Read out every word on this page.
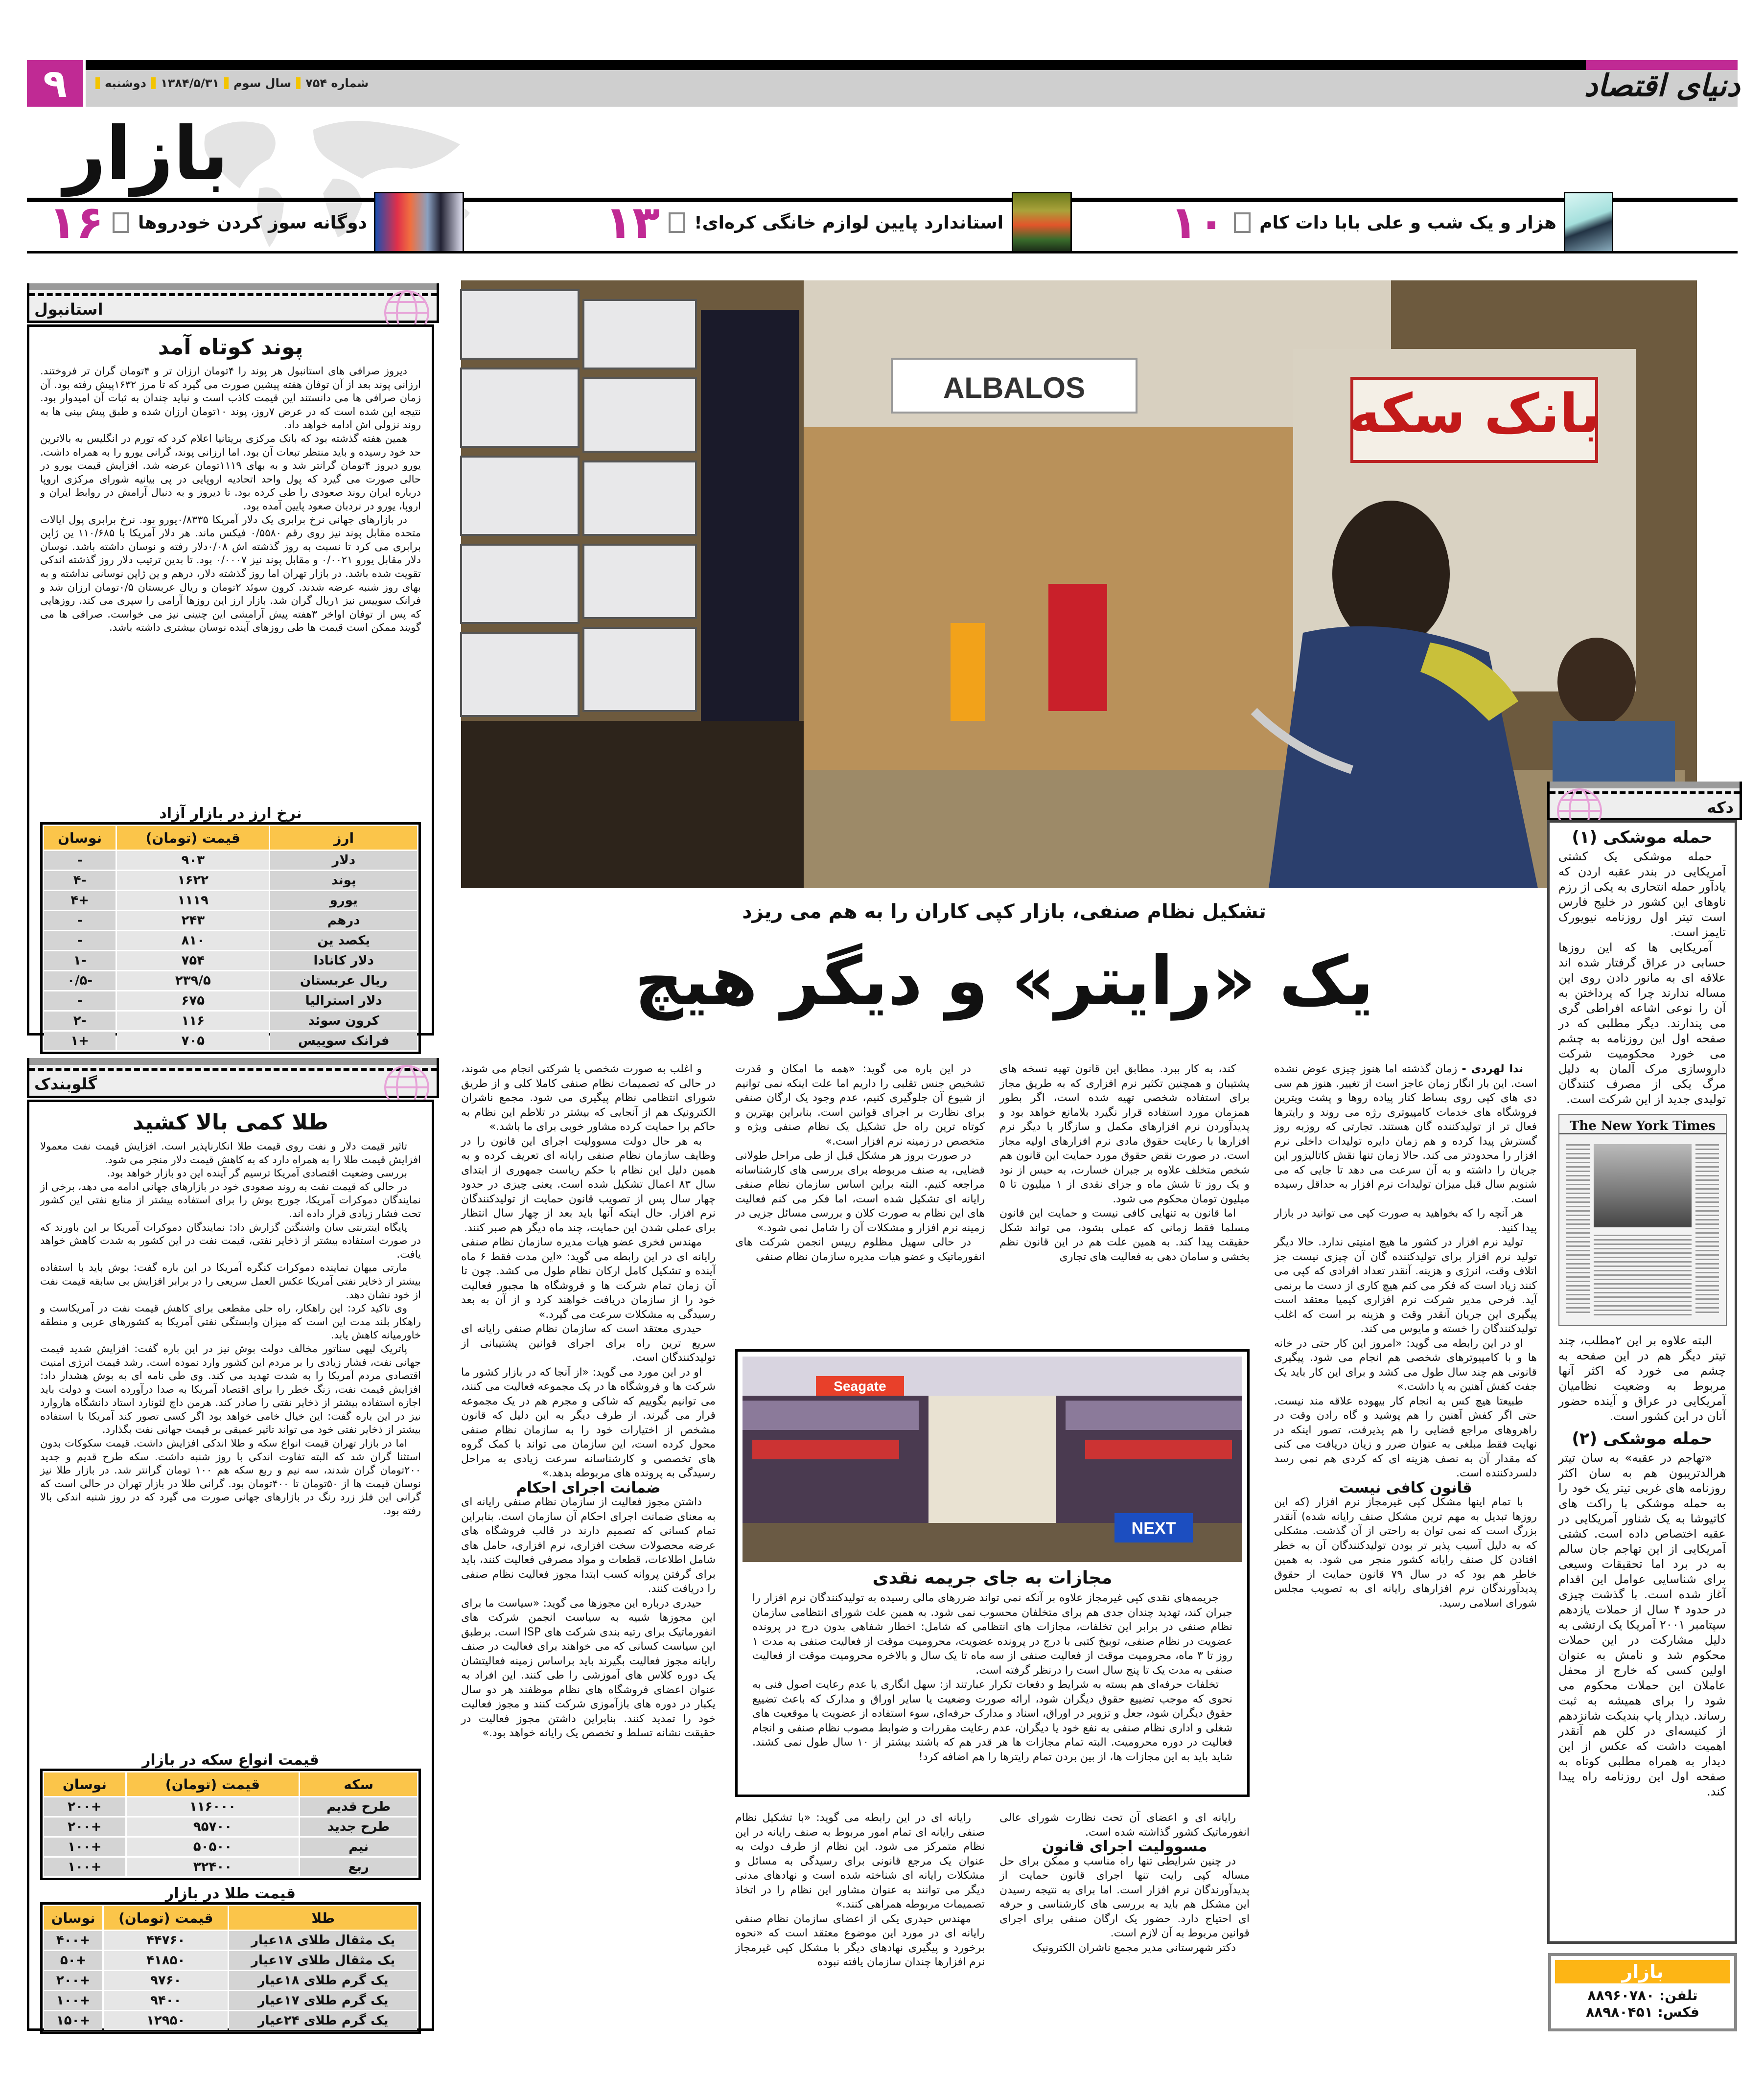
۹	دوشنبه ۱۳۸۴/۵/۳۱ سال سوم شماره ۷۵۴	دنیای اقتصاد
بازار
هزار و یک شب و علی بابا دات کام
۱۰
استاندارد پایین لوازم خانگی کره‌ای!
۱۳
دوگانه سوز کردن خودروها
۱۶
استانبول
پوند کوتاه آمد

دیروز صرافی های استانبول هر پوند را ۴تومان ارزان تر و ۴تومان گران تر فروختند. ارزانی پوند بعد از آن توفان هفته پیشین صورت می گیرد که تا مرز ۱۶۳۲پیش رفته بود. آن زمان صرافی ها می دانستند این قیمت کاذب است و نباید چندان به ثبات آن امیدوار بود. نتیجه این شده است که در عرض ۷روز، پوند ۱۰تومان ارزان شده و طبق پیش بینی ها به روند نزولی اش ادامه خواهد داد.

همین هفته گذشته بود که بانک مرکزی بریتانیا اعلام کرد که تورم در انگلیس به بالاترین حد خود رسیده و باید منتظر تبعات آن بود. اما ارزانی پوند، گرانی یورو را به همراه داشت. یورو دیروز ۴تومان گرانتر شد و به بهای ۱۱۱۹تومان عرضه شد. افزایش قیمت یورو در حالی صورت می گیرد که پول واحد اتحادیه اروپایی در پی بیانیه شورای مرکزی اروپا درباره ایران روند صعودی را طی کرده بود. تا دیروز و به دنبال آرامش در روابط ایران و اروپا، یورو در نردبان صعود پایین آمده بود.

در بازارهای جهانی نرخ برابری یک دلار آمریکا ۰/۸۳۳۵یورو بود. نرخ برابری پول ایالات متحده مقابل پوند نیز روی رقم ۰/۵۵۸۰ فیکس ماند. هر دلار آمریکا با ۱۱۰/۶۸۵ ین ژاپن برابری می کرد تا نسبت به روز گذشته اش ۰/۰۸دلار رفته و نوسان داشته باشد. نوسان دلار مقابل یورو ۰/۰۰۲۱ و مقابل پوند نیز ۰/۰۰۰۷ بود. تا بدین ترتیب دلار روز گذشته اندکی تقویت شده باشد. در بازار تهران اما روز گذشته دلار، درهم و ین ژاپن نوسانی نداشته و به بهای روز شنبه عرضه شدند. کرون سوئد ۲تومان و ریال عربستان ۰/۵تومان ارزان شد و فرانک سوییس نیز ۱ریال گران شد. بازار ارز این روزها آرامی را سپری می کند. روزهایی که پس از توفان اواخر ۳هفته پیش آرامشی این چنینی نیز می خواست. صرافی ها می گویند ممکن است قیمت ها طی روزهای آینده نوسان بیشتری داشته باشد.

نرخ ارز در بازار آزاد
ارز	قیمت (تومان)	نوسان
دلار	۹۰۳	-
پوند	۱۶۲۲	-۴
یورو	۱۱۱۹	+۴
درهم	۲۴۳	-
یکصد ین	۸۱۰	-
دلار کانادا	۷۵۴	-۱
ریال عربستان	۲۳۹/۵	-۰/۵
دلار استرالیا	۶۷۵	-
کرون سوئد	۱۱۶	-۲
فرانک سوییس	۷۰۵	+۱
گلوبندک
طلا کمی بالا کشید

تاثیر قیمت دلار و نفت روی قیمت طلا انکارناپذیر است. افزایش قیمت نفت معمولا افزایش قیمت طلا را به همراه دارد که به کاهش قیمت دلار منجر می شود.

بررسی وضعیت اقتصادی آمریکا ترسیم گر آینده این دو بازار خواهد بود.

در حالی که قیمت نفت به روند صعودی خود در بازارهای جهانی ادامه می دهد، برخی از نمایندگان دموکرات آمریکا، جورج بوش را برای استفاده بیشتر از منابع نفتی این کشور تحت فشار زیادی قرار داده اند.

پایگاه اینترنتی سان واشنگتن گزارش داد: نمایندگان دموکرات آمریکا بر این باورند که در صورت استفاده بیشتر از ذخایر نفتی، قیمت نفت در این کشور به شدت کاهش خواهد یافت.

مارتی میهان نماینده دموکرات کنگره آمریکا در این باره گفت: بوش باید با استفاده بیشتر از ذخایر نفتی آمریکا عکس العمل سریعی را در برابر افزایش بی سابقه قیمت نفت از خود نشان دهد.

وی تاکید کرد: این راهکار، راه حلی مقطعی برای کاهش قیمت نفت در آمریکاست و راهکار بلند مدت این است که میزان وابستگی نفتی آمریکا به کشورهای عربی و منطقه خاورمیانه کاهش یابد.

پاتریک لیهی سناتور مخالف دولت بوش نیز در این باره گفت: افزایش شدید قیمت جهانی نفت، فشار زیادی را بر مردم این کشور وارد نموده است. رشد قیمت انرژی امنیت اقتصادی مردم آمریکا را به شدت تهدید می کند. وی طی نامه ای به بوش هشدار داد: افزایش قیمت نفت، زنگ خطر را برای اقتصاد آمریکا به صدا درآورده است و دولت باید اجازه استفاده بیشتر از ذخایر نفتی را صادر کند. هرمن داچ لئونارد استاد دانشگاه هاروارد نیز در این باره گفت: این خیال خامی خواهد بود اگر کسی تصور کند آمریکا با استفاده بیشتر از ذخایر نفتی خود می تواند تاثیر عمیقی بر قیمت جهانی نفت بگذارد.

اما در بازار تهران قیمت انواع سکه و طلا اندکی افزایش داشت. قیمت سکوکات بدون استثنا گران شد که البته تفاوت اندکی با روز شنبه داشت. سکه طرح قدیم و جدید ۲۰۰تومان گران شدند، سه نیم و ربع سکه هم ۱۰۰ تومان گرانتر شد. در بازار طلا نیز نوسان قیمت ها از ۵۰تومان تا ۴۰۰تومان بود. گرانی طلا در بازار تهران در حالی است که گرانی این فلز زرد رنگ در بازارهای جهانی صورت می گیرد که در روز شنبه اندکی بالا رفته بود.

قیمت انواع سکه در بازار
سکه	قیمت (تومان)	نوسان
طرح قدیم	۱۱۶۰۰۰	+۲۰۰
طرح جدید	۹۵۷۰۰	+۲۰۰
نیم	۵۰۵۰۰	+۱۰۰
ربع	۳۲۴۰۰	+۱۰۰
قیمت طلا در بازار
طلا	قیمت (تومان)	نوسان
یک مثقال طلای ۱۸عیار	۴۴۷۶۰	+۴۰۰
یک مثقال طلای ۱۷عیار	۴۱۸۵۰	+۵۰
یک گرم طلای ۱۸عیار	۹۷۶۰	+۲۰۰
یک گرم طلای ۱۷عیار	۹۴۰۰	+۱۰۰
یک گرم طلای ۲۴عیار	۱۲۹۵۰	+۱۵۰
بانک سکه
ALBALOS
تشکیل نظام صنفی، بازار کپی کاران را به هم می ریزد
یک «رایتر» و دیگر هیچ

ندا لهردی - زمان گذشته اما هنوز چیزی عوض نشده است. این بار انگار زمان عاجز است از تغییر. هنوز هم سی دی های کپی روی بساط کنار پیاده روها و پشت ویترین فروشگاه های خدمات کامپیوتری رژه می روند و رایترها فعال تر از تولیدکننده گان هستند. تجارتی که روزبه روز گسترش پیدا کرده و هم زمان دایره تولیدات داخلی نرم افزار را محدودتر می کند. حالا زمان تنها نقش کاتالیزور این جریان را داشته و به آن سرعت می دهد تا جایی که می شنویم سال قبل میزان تولیدات نرم افزار به حداقل رسیده است.

هر آنچه را که بخواهید به صورت کپی می توانید در بازار پیدا کنید.

تولید نرم افزار در کشور ما هیچ امنیتی ندارد. حالا دیگر تولید نرم افزار برای تولیدکننده گان آن چیزی نیست جز اتلاف وقت، انرژی و هزینه. آنقدر تعداد افرادی که کپی می کنند زیاد است که فکر می کنم هیچ کاری از دست ما برنمی آید. فرحی مدیر شرکت نرم افزاری کیمیا معتقد است پیگیری این جریان آنقدر وقت و هزینه بر است که اغلب تولیدکنندگان را خسته و مایوس می کند.

او در این رابطه می گوید: «امروز این کار حتی در خانه ها و با کامپیوترهای شخصی هم انجام می شود. پیگیری قانونی هم چند سال طول می کشد و برای این کار باید یک جفت کفش آهنین به پا داشت.»

طبیعتا هیچ کس به انجام کار بیهوده علاقه مند نیست. حتی اگر کفش آهنین را هم پوشید و گاه رادن وقت در راهروهای مراجع قضایی را هم پذیرفت، تصور اینکه در نهایت فقط مبلغی به عنوان ضرر و زیان دریافت می کنی که مقدار آن به نصف هزینه ای که کردی هم نمی رسد دلسردکننده است.

قانون کافی نیست

با تمام اینها مشکل کپی غیرمجاز نرم افزار (که این روزها تبدیل به مهم ترین مشکل صنف رایانه شده) آنقدر بزرگ است که نمی توان به راحتی از آن گذشت. مشکلی که به دلیل آسیب پذیر تر بودن تولیدکنندگان آن به خطر افتادن کل صنف رایانه کشور منجر می شود. به همین خاطر هم بود که در سال ۷۹ قانون حمایت از حقوق پدیدآورندگان نرم افزارهای رایانه ای به تصویب مجلس شورای اسلامی رسید.

کند، به کار ببرد. مطابق این قانون تهیه نسخه های پشتیبان و همچنین تکثیر نرم افزاری که به طریق مجاز برای استفاده شخصی تهیه شده است، اگر بطور همزمان مورد استفاده قرار نگیرد بلامانع خواهد بود و پدیدآوردن نرم افزارهای مکمل و سازگار با دیگر نرم افزارها با رعایت حقوق مادی نرم افزارهای اولیه مجاز است. در صورت نقض حقوق مورد حمایت این قانون هم شخص متخلف علاوه بر جبران خسارت، به حبس از نود و یک روز تا شش ماه و جزای نقدی از ۱ میلیون تا ۵ میلیون تومان محکوم می شود.

اما قانون به تنهایی کافی نیست و حمایت این قانون مسلما فقط زمانی که عملی بشود، می تواند شکل حقیقت پیدا کند. به همین علت هم در این قانون نظم بخشی و سامان دهی به فعالیت های تجاری

در این باره می گوید: «همه ما امکان و قدرت تشخیص جنس تقلبی را داریم اما علت اینکه نمی توانیم از شیوع آن جلوگیری کنیم، عدم وجود یک ارگان صنفی برای نظارت بر اجرای قوانین است. بنابراین بهترین و کوتاه ترین راه حل تشکیل یک نظام صنفی ویژه و متخصص در زمینه نرم افزار است.»

در صورت بروز هر مشکل قبل از طی مراحل طولانی قضایی، به صنف مربوطه برای بررسی های کارشناسانه مراجعه کنیم. البته براین اساس سازمان نظام صنفی رایانه ای تشکیل شده است، اما فکر می کنم فعالیت های این نظام به صورت کلان و بررسی مسائل جزیی در زمینه نرم افزار و مشکلات آن را شامل نمی شود.»

در حالی سهیل مظلوم رییس انجمن شرکت های انفورماتیک و عضو هیات مدیره سازمان نظام صنفی

و اغلب به صورت شخصی یا شرکتی انجام می شوند، در حالی که تصمیمات نظام صنفی کاملا کلی و از طریق شورای انتظامی نظام پیگیری می شود. مجمع ناشران الکترونیک هم از آنجایی که بیشتر در تلاطم این نظام به حاکم برا حمایت کرده مشاور خوبی برای ما باشد.»

به هر حال دولت مسوولیت اجرای این قانون را در وظایف سازمان نظام صنفی رایانه ای تعریف کرده و به همین دلیل این نظام با حکم ریاست جمهوری از ابتدای سال ۸۳ اعمال تشکیل شده است. یعنی چیزی در حدود چهار سال پس از تصویب قانون حمایت از تولیدکنندگان نرم افزار. حال اینکه آنها باید بعد از چهار سال انتظار برای عملی شدن این حمایت، چند ماه دیگر هم صبر کنند.

مهندس فخری عضو هیات مدیره سازمان نظام صنفی رایانه ای در این رابطه می گوید: «این مدت فقط ۶ ماه آینده و تشکیل کامل ارکان نظام طول می کشد. چون تا آن زمان تمام شرکت ها و فروشگاه ها مجبور فعالیت خود را از سازمان دریافت خواهند کرد و از آن به بعد رسیدگی به مشکلات سرعت می گیرد.»

حیدری معتقد است که سازمان نظام صنفی رایانه ای سریع ترین راه برای اجرای قوانین پشتیبانی از تولیدکنندگان است.

او در این مورد می گوید: «از آنجا که در بازار کشور ما شرکت ها و فروشگاه ها در یک مجموعه فعالیت می کنند، می توانیم بگوییم که شاکی و مجرم هم در یک مجموعه قرار می گیرند. از طرف دیگر به این دلیل که قانون مشخص از اختیارات خود را به سازمان نظام صنفی محول کرده است، این سازمان می تواند با کمک گروه های تخصصی و کارشناسانه سرعت زیادی به مراحل رسیدگی به پرونده های مربوطه بدهد.»

ضمانت اجرای احکام

داشتن مجوز فعالیت از سازمان نظام صنفی رایانه ای به معنای ضمانت اجرای احکام آن سازمان است. بنابراین تمام کسانی که تصمیم دارند در قالب فروشگاه های عرضه محصولات سخت افزاری، نرم افزاری، حامل های شامل اطلاعات، قطعات و مواد مصرفی فعالیت کنند، باید برای گرفتن پروانه کسب ابتدا مجوز فعالیت نظام صنفی را دریافت کنند.

حیدری درباره این مجوزها می گوید: «سیاست ما برای این مجوزها شبیه به سیاست انجمن شرکت های انفورماتیک برای رتبه بندی شرکت های ISP است. برطبق این سیاست کسانی که می خواهند برای فعالیت در صنف رایانه مجوز فعالیت بگیرند باید براساس زمینه فعالیتشان یک دوره کلاس های آموزشی را طی کنند. این افراد به عنوان اعضای فروشگاه های نظام موظفند هر دو سال یکبار در دوره های بازآموزی شرکت کنند و مجوز فعالیت خود را تمدید کنند. بنابراین داشتن مجوز فعالیت در حقیقت نشانه تسلط و تخصص یک رایانه خواهد بود.»

Seagate
NEXT
مجازات به جای جریمه نقدی

جریمه‌های نقدی کپی غیرمجاز علاوه بر آنکه نمی تواند ضررهای مالی رسیده به تولیدکنندگان نرم افزار را جبران کند، تهدید چندان جدی هم برای متخلفان محسوب نمی شود. به همین علت شورای انتظامی سازمان نظام صنفی در برابر این تخلفات، مجازات های انتظامی که شامل: اخطار شفاهی بدون درج در پرونده عضویت در نظام صنفی، توبیخ کتبی با درج در پرونده عضویت، محرومیت موقت از فعالیت صنفی به مدت ۱ روز تا ۳ ماه، محرومیت موقت از فعالیت صنفی از سه ماه تا یک سال و بالاخره محرومیت موقت از فعالیت صنفی به مدت یک تا پنج سال است را درنظر گرفته است.

تخلفات حرفه‌ای هم بسته به شرایط و دفعات تکرار عبارتند از: سهل انگاری یا عدم رعایت اصول فنی به نحوی که موجب تضییع حقوق دیگران شود، ارائه صورت وضعیت یا سایر اوراق و مدارک که باعث تضییع حقوق دیگران شود، جعل و تزویر در اوراق، اسناد و مدارک حرفه‌ای، سوء استفاده از عضویت یا موقعیت های شغلی و اداری نظام صنفی به نفع خود یا دیگران، عدم رعایت مقررات و ضوابط مصوب نظام صنفی و انجام فعالیت در دوره محرومیت. البته تمام مجازات ها هر قدر هم که باشند بیشتر از ۱۰ سال طول نمی کشند. شاید باید به این مجازات ها، از بین بردن تمام رایترها را هم اضافه کرد!

رایانه ای و اعضای آن تحت نظارت شورای عالی انفورماتیک کشور گذاشته شده است.

مسوولیت اجرای قانون

در چنین شرایطی تنها راه مناسب و ممکن برای حل مساله کپی رایت تنها اجرای قانون حمایت از پدیدآورندگان نرم افزار است. اما برای به نتیجه رسیدن این مشکل هم باید به بررسی های کارشناسی و حرفه ای احتیاج دارد. حضور یک ارگان صنفی برای اجرای قوانین مربوط به آن لازم است.

دکتر شهرستانی مدیر مجمع ناشران الکترونیک

رایانه ای در این رابطه می گوید: «با تشکیل نظام صنفی رایانه ای تمام امور مربوط به صنف رایانه در این نظام متمرکز می شود. این نظام از طرف دولت به عنوان یک مرجع قانونی برای رسیدگی به مسائل و مشکلات رایانه ای شناخته شده است و نهادهای مدنی دیگر می توانند به عنوان مشاور این نظام را در اتخاذ تصمیمات مربوطه همراهی کنند.»

مهندس حیدری یکی از اعضای سازمان نظام صنفی رایانه ای در مورد این موضوع معتقد است که «نحوه برخورد و پیگیری نهادهای دیگر با مشکل کپی غیرمجاز نرم افزارها چندان سازمان یافته نبوده

دکه
حمله موشکی (۱)

حمله موشکی یک کشتی آمریکایی در بندر عقبه اردن که یادآور حمله انتحاری به یکی از رزم ناوهای این کشور در خلیج فارس است تیتر اول روزنامه نیویورک تایمز است.

آمریکایی ها که این روزها حسابی در عراق گرفتار شده اند علاقه ای به مانور دادن روی این مساله ندارند چرا که پرداختن به آن را نوعی اشاعه افراطی گری می پندارند. دیگر مطلبی که در صفحه اول این روزنامه به چشم می خورد محکومیت شرکت داروسازی مرک آلمان به دلیل مرگ یکی از مصرف کنندگان تولیدی جدید از این شرکت است.

The New York Times

البته علاوه بر این ۲مطلب، چند تیتر دیگر هم در این صفحه به چشم می خورد که اکثر آنها مربوط به وضعیت نظامیان آمریکایی در عراق و آینده حضور آنان در این کشور است.

حمله موشکی (۲)

«تهاجم در عقبه» به سان تیتر هرالدتریبون هم به سان اکثر روزنامه های غربی تیتر یک خود را به حمله موشکی با راکت های کاتیوشا به یک شناور آمریکایی در عقبه اختصاص داده است. کشتی آمریکایی از این تهاجم جان سالم به در برد اما تحقیقات وسیعی برای شناسایی عوامل این اقدام آغاز شده است. با گذشت چیزی در حدود ۴ سال از حملات یازدهم سپتامبر ۲۰۰۱ آمریکا یک ارتشی به دلیل مشارکت در این حملات محکوم شد و نامش به عنوان اولین کسی که خارج از محفل عاملان این حملات محکوم می شود را برای همیشه به ثبت رساند. دیدار پاپ بندیکت شانزدهم از کنیسه‌ای در کلن هم آنقدر اهمیت داشت که عکس از این دیدار به همراه مطلبی کوتاه به صفحه اول این روزنامه راه پیدا کند.

بازار
تلفن: ۸۸۹۶۰۷۸۰
فکس: ۸۸۹۸۰۴۵۱
